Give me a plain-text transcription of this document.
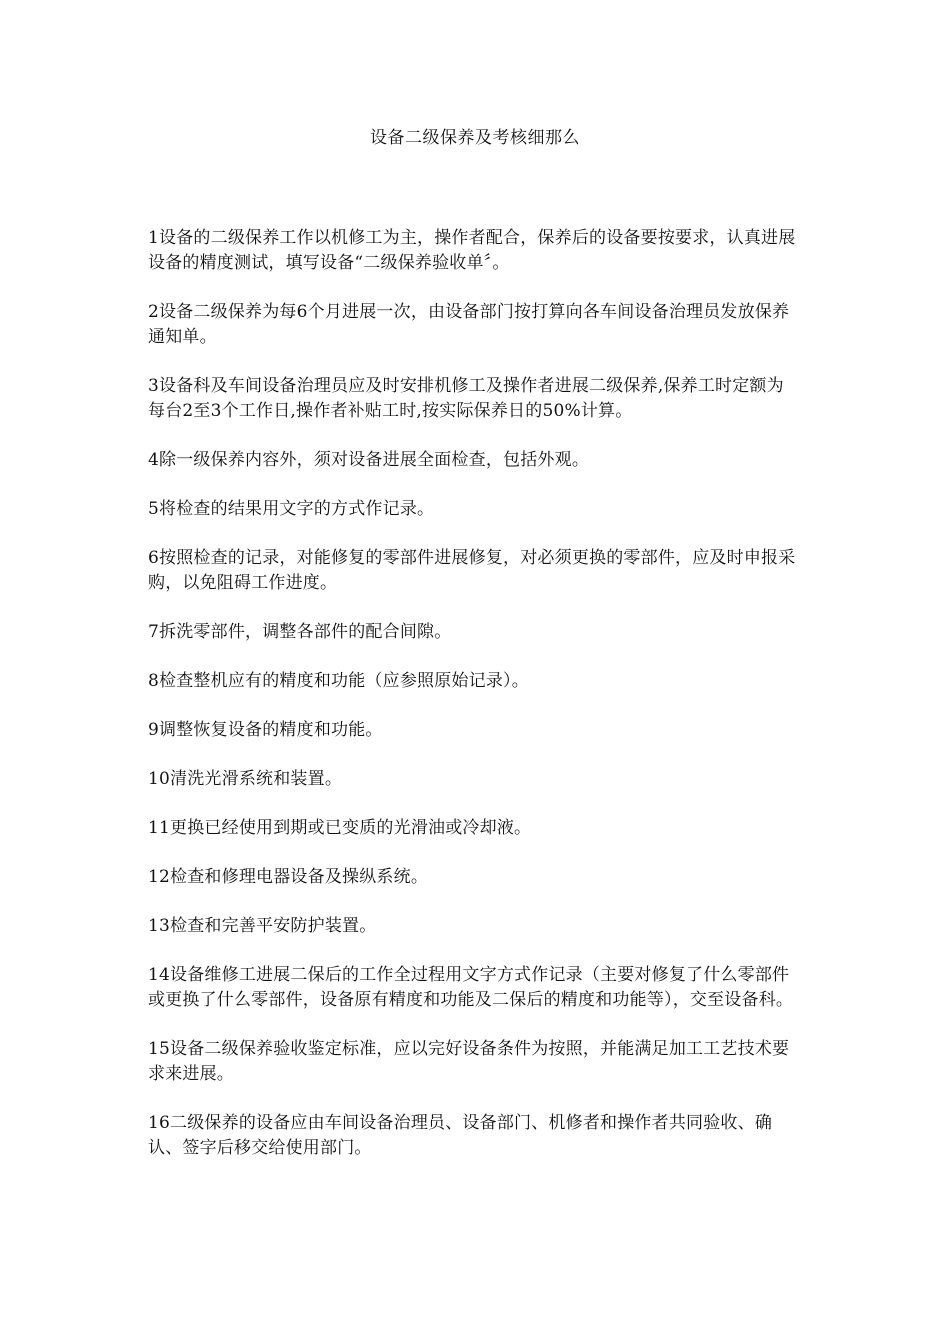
设备二级保养及考核细那么
1设备的二级保养工作以机修工为主，操作者配合，保养后的设备要按要求，认真进展设备的精度测试，填写设备“二级保养验收单〞。
2设备二级保养为每6个月进展一次，由设备部门按打算向各车间设备治理员发放保养通知单。
3设备科及车间设备治理员应及时安排机修工及操作者进展二级保养,保养工时定额为每台2至3个工作日,操作者补贴工时,按实际保养日的50%计算。
4除一级保养内容外，须对设备进展全面检查，包括外观。
5将检查的结果用文字的方式作记录。
6按照检查的记录，对能修复的零部件进展修复，对必须更换的零部件，应及时申报采购，以免阻碍工作进度。
7拆洗零部件，调整各部件的配合间隙。
8检查整机应有的精度和功能（应参照原始记录）。
9调整恢复设备的精度和功能。
10清洗光滑系统和装置。
11更换已经使用到期或已变质的光滑油或冷却液。
12检查和修理电器设备及操纵系统。
13检查和完善平安防护装置。
14设备维修工进展二保后的工作全过程用文字方式作记录（主要对修复了什么零部件或更换了什么零部件，设备原有精度和功能及二保后的精度和功能等），交至设备科。
15设备二级保养验收鉴定标准，应以完好设备条件为按照，并能满足加工工艺技术要求来进展。
16二级保养的设备应由车间设备治理员、设备部门、机修者和操作者共同验收、确认、签字后移交给使用部门。
